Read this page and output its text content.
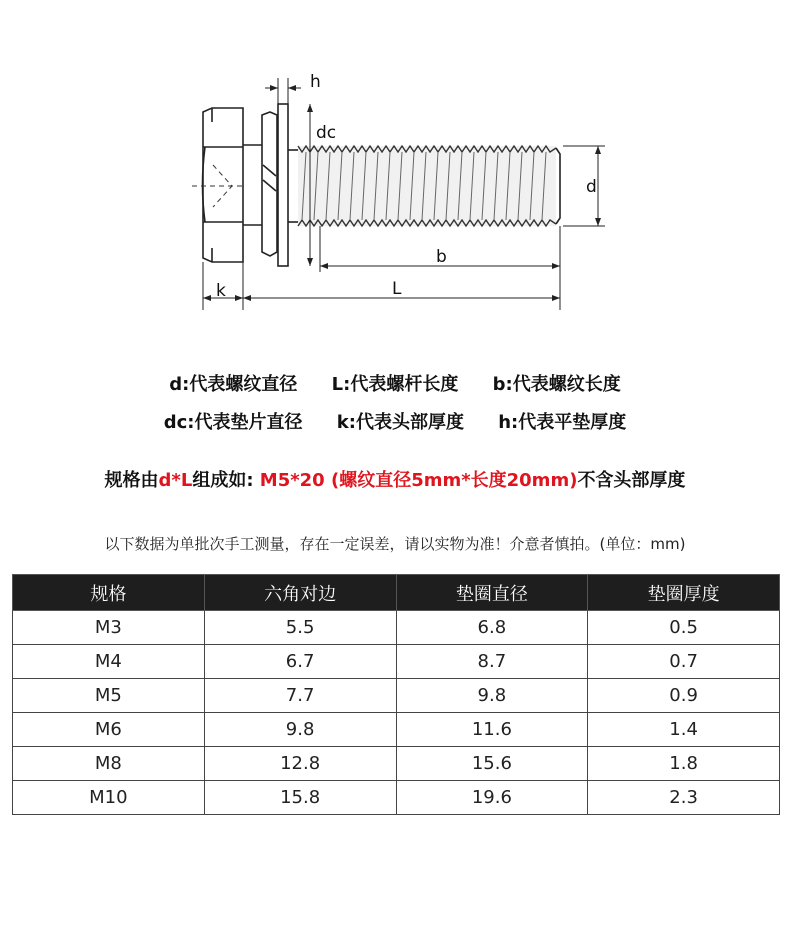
h
dc
d
b
k	L
d:代表螺纹直径 L:代表螺杆长度 b:代表螺纹长度
dc:代表垫片直径 k:代表头部厚度 h:代表平垫厚度
规格由d*L组成如: M5*20 (螺纹直径5mm*长度20mm)不含头部厚度
以下数据为单批次手工测量，存在一定误差，请以实物为准！介意者慎拍。(单位：mm)
规格	六角对边	垫圈直径	垫圈厚度
M3	5.5	6.8	0.5
M4	6.7	8.7	0.7
M5	7.7	9.8	0.9
M6	9.8	11.6	1.4
M8	12.8	15.6	1.8
M10	15.8	19.6	2.3
